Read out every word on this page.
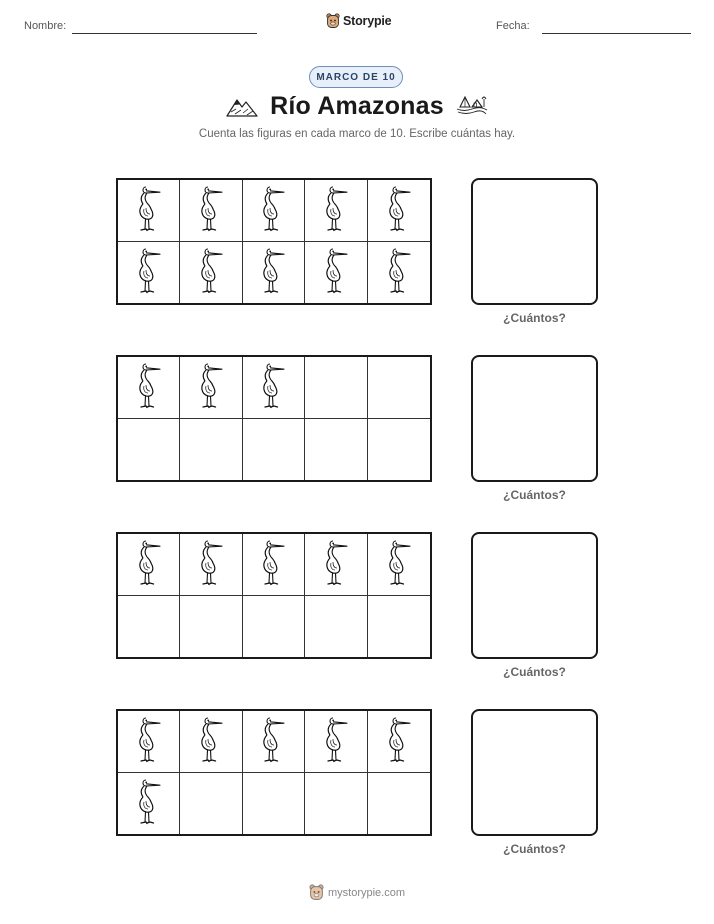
Nombre:	Storypie	Fecha:
MARCO DE 10
Río Amazonas
Cuenta las figuras en cada marco de 10. Escribe cuántas hay.
¿Cuántos?
¿Cuántos?
¿Cuántos?
¿Cuántos?
mystorypie.com
